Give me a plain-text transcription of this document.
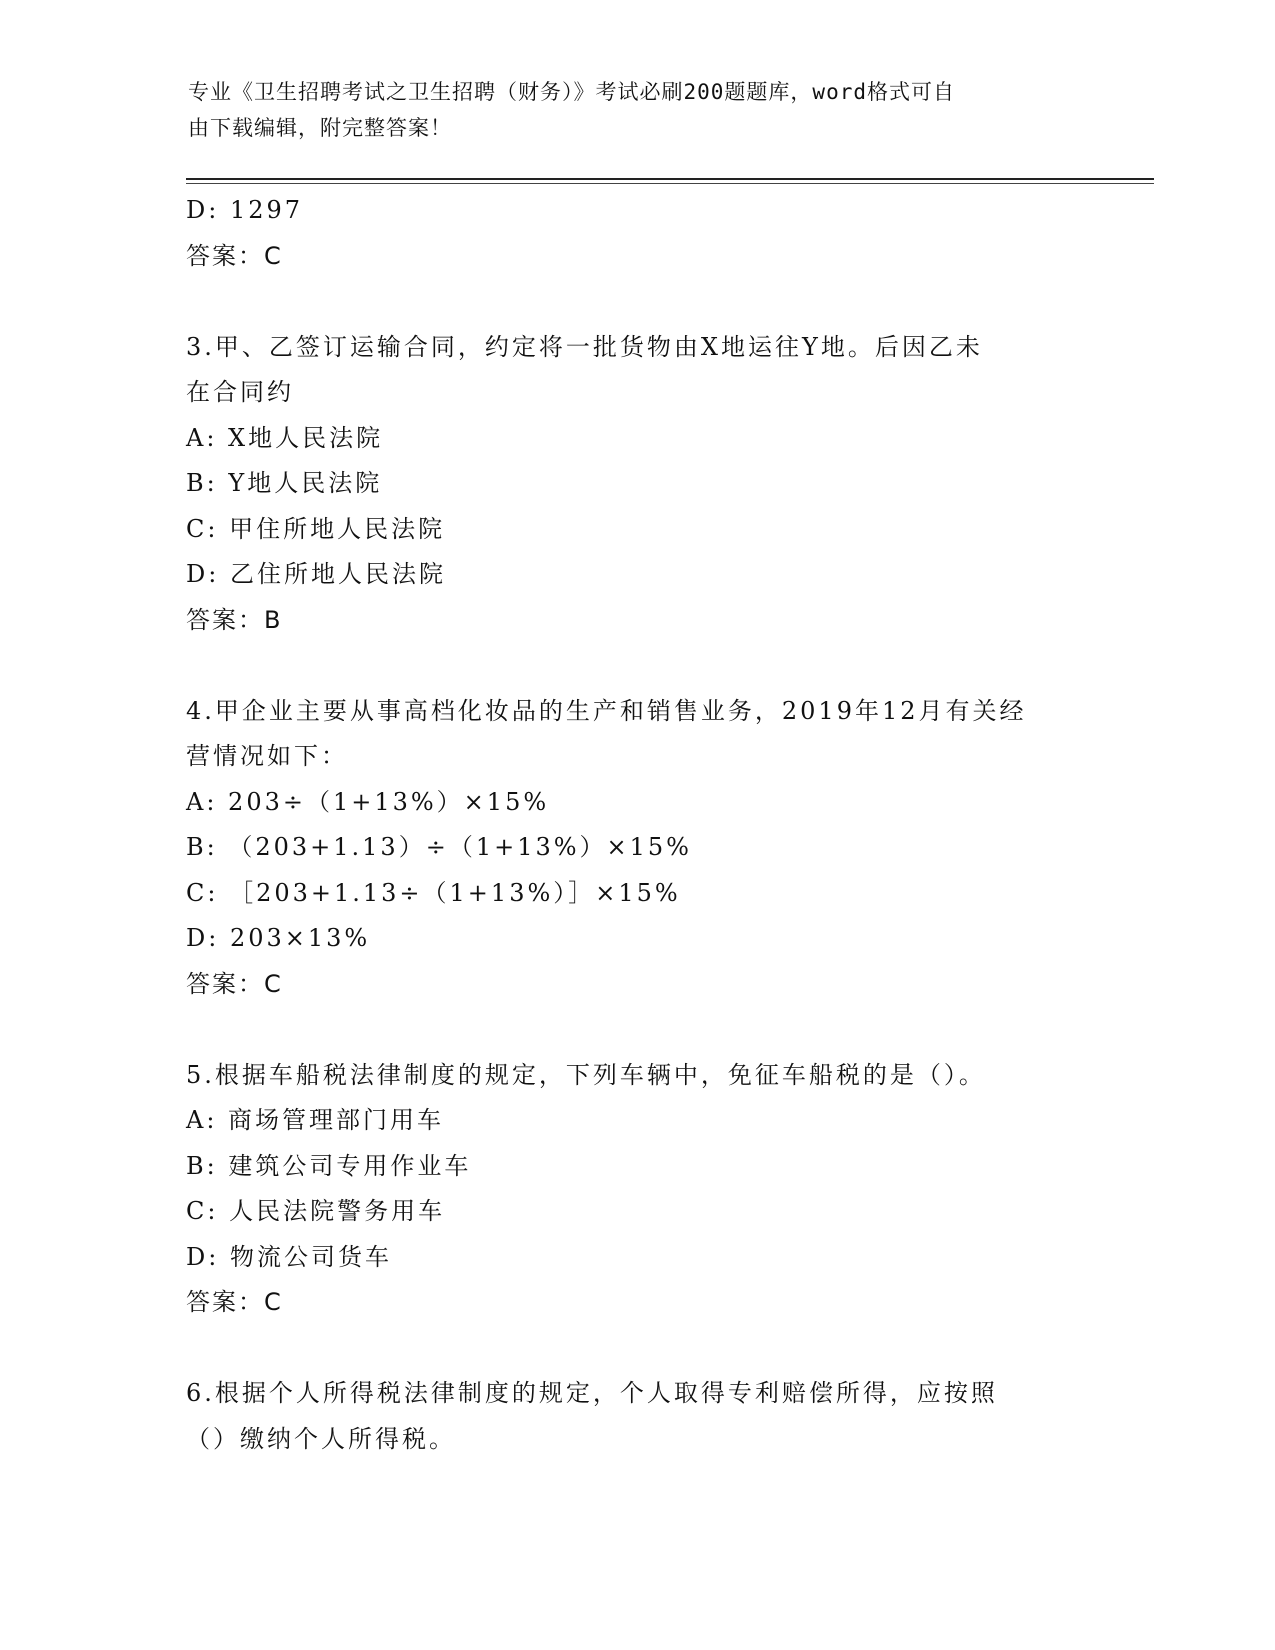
专业《卫生招聘考试之卫生招聘（财务）》考试必刷200题题库，word格式可自
由下载编辑，附完整答案！
D: 1297
答案：C
3.甲、乙签订运输合同，约定将一批货物由X地运往Y地。后因乙未
在合同约
A: X地人民法院
B: Y地人民法院
C: 甲住所地人民法院
D: 乙住所地人民法院
答案：B
4.甲企业主要从事高档化妆品的生产和销售业务，2019年12月有关经
营情况如下：
A: 203÷（1+13%）×15%
B: （203+1.13）÷（1+13%）×15%
C: ［203+1.13÷（1+13%）］×15%
D: 203×13%
答案：C
5.根据车船税法律制度的规定，下列车辆中，免征车船税的是（）。
A: 商场管理部门用车
B: 建筑公司专用作业车
C: 人民法院警务用车
D: 物流公司货车
答案：C
6.根据个人所得税法律制度的规定，个人取得专利赔偿所得，应按照
（）缴纳个人所得税。
